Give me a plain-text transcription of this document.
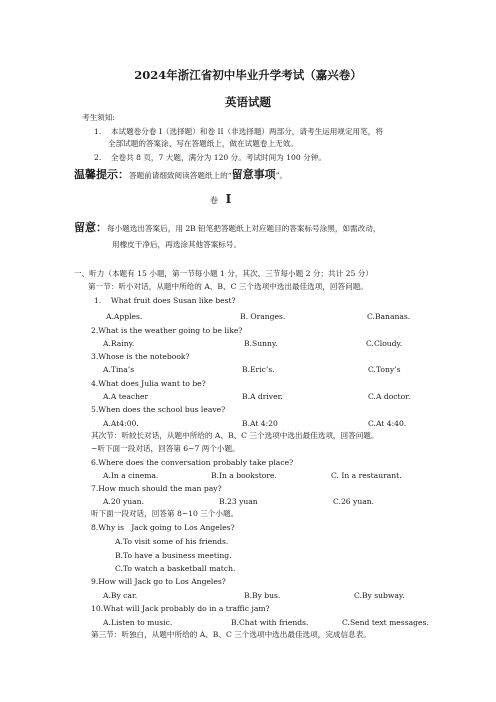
2024年浙江省初中毕业升学考试（嘉兴卷）
英语试题
考生须知:
1.    本试题卷分卷 I（选择题）和卷 II（非选择题）两部分，请考生运用规定用笔，将
全部试题的答案涂、写在答题纸上，做在试题卷上无效。
2.    全卷共 8 页，7 大题，满分为 120 分。考试时间为 100 分钟。
温馨提示：答题前请细致阅读答题纸上的“留意事项”。
卷 I
留意：每小题选出答案后，用 2B 铅笔把答题纸上对应题目的答案标号涂黑，如需改动，
用橡皮干净后，再选涂其他答案标号。
一、听力（本题有 15 小题，第一节每小题 1 分，其次、三节每小题 2 分；共计 25 分）
第一节：听小对话，从题中所给的 A、B、C 三个选项中选出最佳选项，回答问题。
1.    What fruit does Susan like best?
A.Apples.	B. Oranges.	C.Bananas.
2.What is the weather going to be like?
A.Rainy.	B.Sunny.	C.Cloudy.
3.Whose is the notebook?
A.Tina’s	B.Eric’s.	C.Tony’s
4.What does Julia want to be?
A.A teacher	B.A driver.	C.A doctor.
5.When does the school bus leave?
A.At4:00.	B.At 4:20	C.At 4:40.
其次节：听较长对话，从题中所给的 A、B、C 三个选项中选出最佳选项，回答问题。
~听下面一段对话，回答第 6~7 两个小题。
6.Where does the conversation probably take place?
A.In a cinema.	B.In a bookstore.	C. In a restaurant.
7.How much should the man pay?
A.20 yuan.	B.23 yuan	C.26 yuan.
听下面一段对话，回答第 8~10 三个小题。
8.Why is   Jack going to Los Angeles?
A.To visit some of his friends.
B.To have a business meeting.
C.To watch a basketball match.
9.How will Jack go to Los Angeles?
A.By car.	B.By bus.	C.By subway.
10.What will Jack probably do in a traffic jam?
A.Listen to music.	B.Chat with friends.	C.Send text messages.
第三节：听独白，从题中所给的 A、B、C 三个选项中选出最佳选项，完成信息表。
